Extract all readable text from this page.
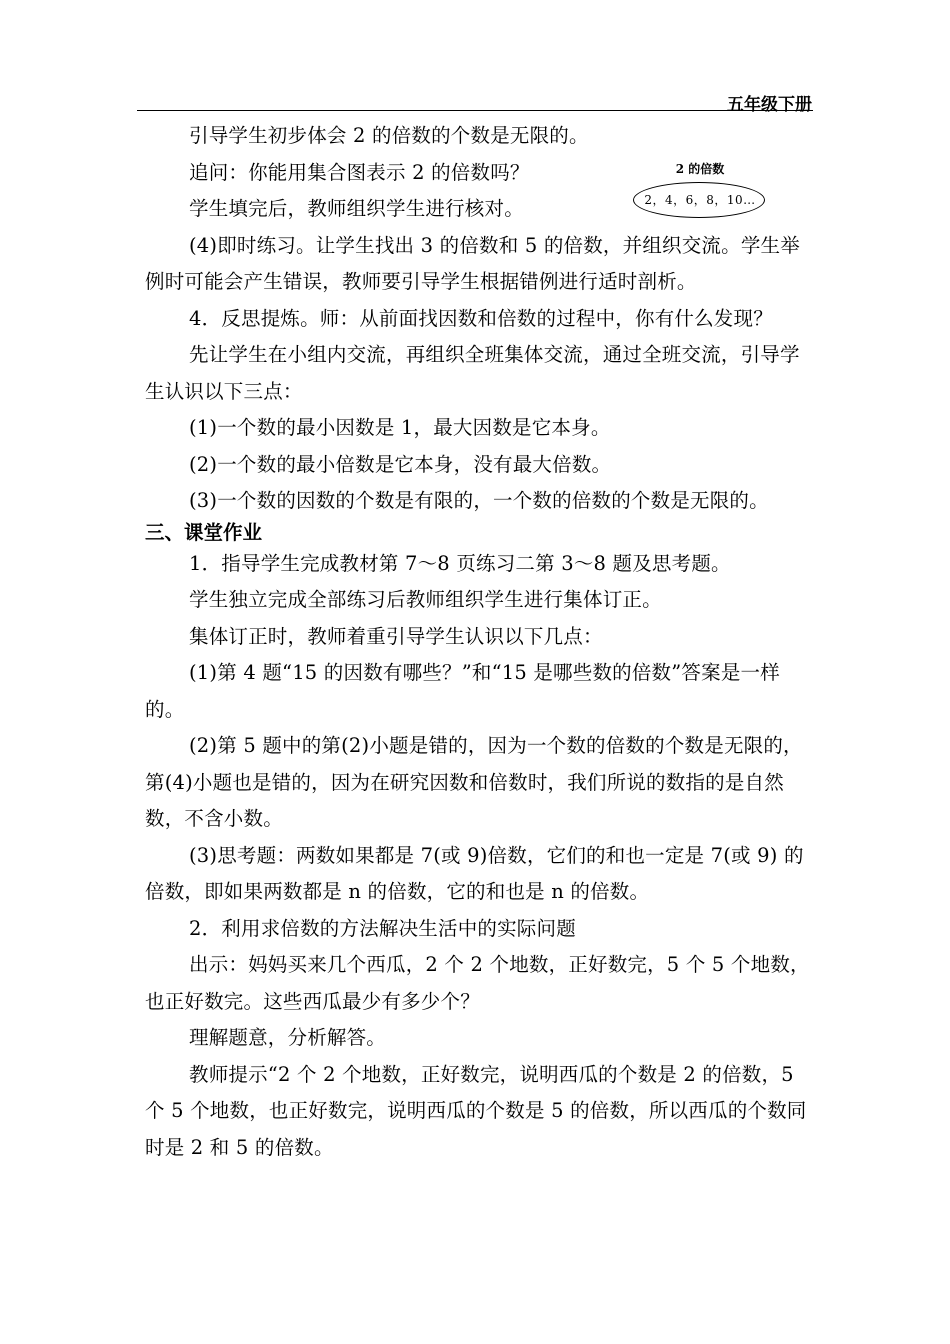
五年级下册
2 的倍数
2，4，6，8，10…

引导学生初步体会 2 的倍数的个数是无限的。

追问：你能用集合图表示 2 的倍数吗？

学生填完后，教师组织学生进行核对。

(4)即时练习。让学生找出 3 的倍数和 5 的倍数，并组织交流。学生举例时可能会产生错误，教师要引导学生根据错例进行适时剖析。

4．反思提炼。师：从前面找因数和倍数的过程中，你有什么发现？

先让学生在小组内交流，再组织全班集体交流，通过全班交流，引导学生认识以下三点：

(1)一个数的最小因数是 1，最大因数是它本身。

(2)一个数的最小倍数是它本身，没有最大倍数。

(3)一个数的因数的个数是有限的，一个数的倍数的个数是无限的。

三、课堂作业

1．指导学生完成教材第 7～8 页练习二第 3～8 题及思考题。

学生独立完成全部练习后教师组织学生进行集体订正。

集体订正时，教师着重引导学生认识以下几点：

(1)第 4 题“15 的因数有哪些？”和“15 是哪些数的倍数”答案是一样的。

(2)第 5 题中的第(2)小题是错的，因为一个数的倍数的个数是无限的，第(4)小题也是错的，因为在研究因数和倍数时，我们所说的数指的是自然数，不含小数。

(3)思考题：两数如果都是 7(或 9)倍数，它们的和也一定是 7(或 9) 的倍数，即如果两数都是 n 的倍数，它的和也是 n 的倍数。

2．利用求倍数的方法解决生活中的实际问题

出示：妈妈买来几个西瓜，2 个 2 个地数，正好数完，5 个 5 个地数，也正好数完。这些西瓜最少有多少个？

理解题意，分析解答。

教师提示“2 个 2 个地数，正好数完，说明西瓜的个数是 2 的倍数，5 个 5 个地数，也正好数完，说明西瓜的个数是 5 的倍数，所以西瓜的个数同时是 2 和 5 的倍数。
